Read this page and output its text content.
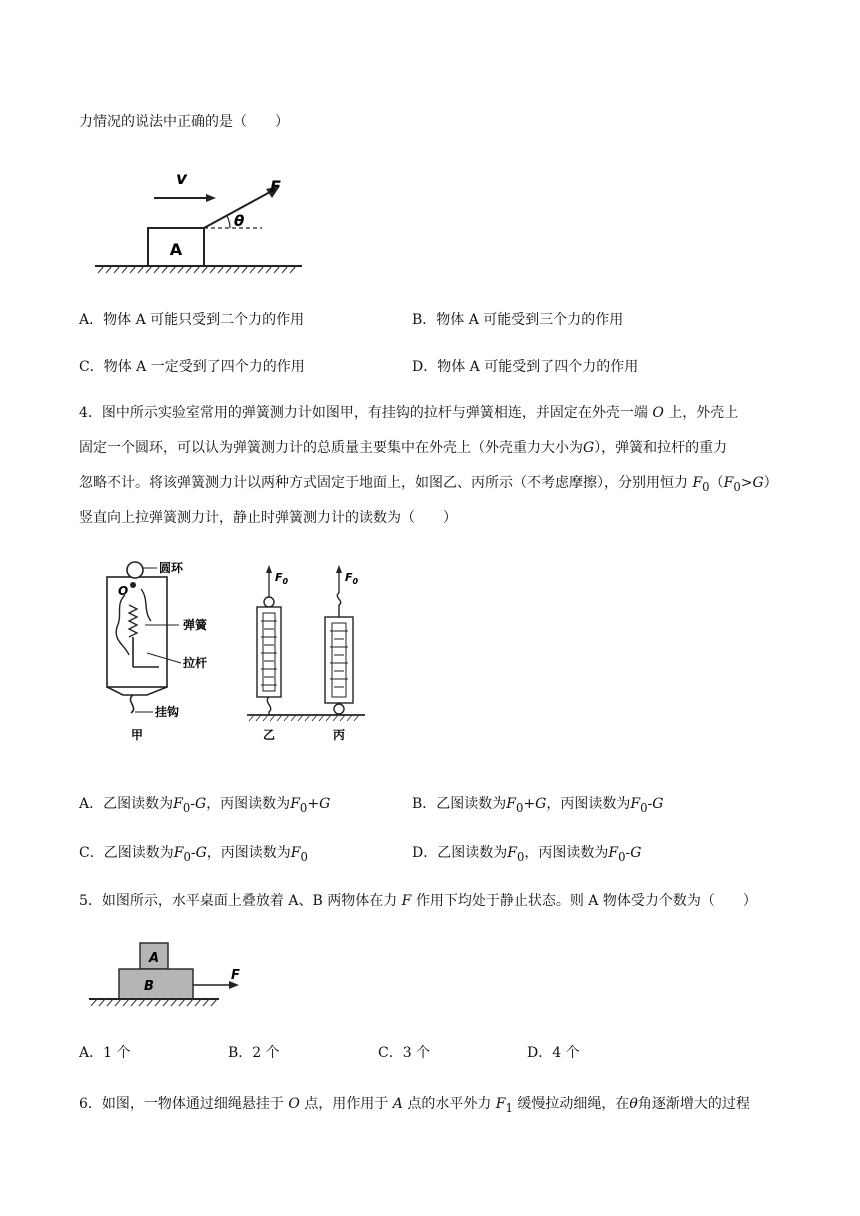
力情况的说法中正确的是（　　）
A
v	F
θ
A．物体 A 可能只受到二个力的作用	B．物体 A 可能受到三个力的作用
C．物体 A 一定受到了四个力的作用	D．物体 A 可能受到了四个力的作用
4．图中所示实验室常用的弹簧测力计如图甲，有挂钩的拉杆与弹簧相连，并固定在外壳一端 O 上，外壳上
固定一个圆环，可以认为弹簧测力计的总质量主要集中在外壳上（外壳重力大小为G），弹簧和拉杆的重力
忽略不计。将该弹簧测力计以两种方式固定于地面上，如图乙、丙所示（不考虑摩擦），分别用恒力 $F_0(F_0>G)$
竖直向上拉弹簧测力计，静止时弹簧测力计的读数为（　　）
圆环
O
弹簧
拉杆
挂钩
甲
$F_0$
乙
$F_0$
丙
A．乙图读数为$F_0-G$，丙图读数为$F_0+G$	B．乙图读数为$F_0+G$，丙图读数为$F_0-G$
C．乙图读数为$F_0-G$，丙图读数为$F_0$	D．乙图读数为$F_0$，丙图读数为$F_0-G$
5．如图所示，水平桌面上叠放着 A、B 两物体在力 F 作用下均处于静止状态。则 A 物体受力个数为（　　）
A
B
F
A．1 个	B．2 个	C．3 个	D．4 个
6．如图，一物体通过细绳悬挂于 O 点，用作用于 A 点的水平外力 $F_1$ 缓慢拉动细绳，在θ角逐渐增大的过程
